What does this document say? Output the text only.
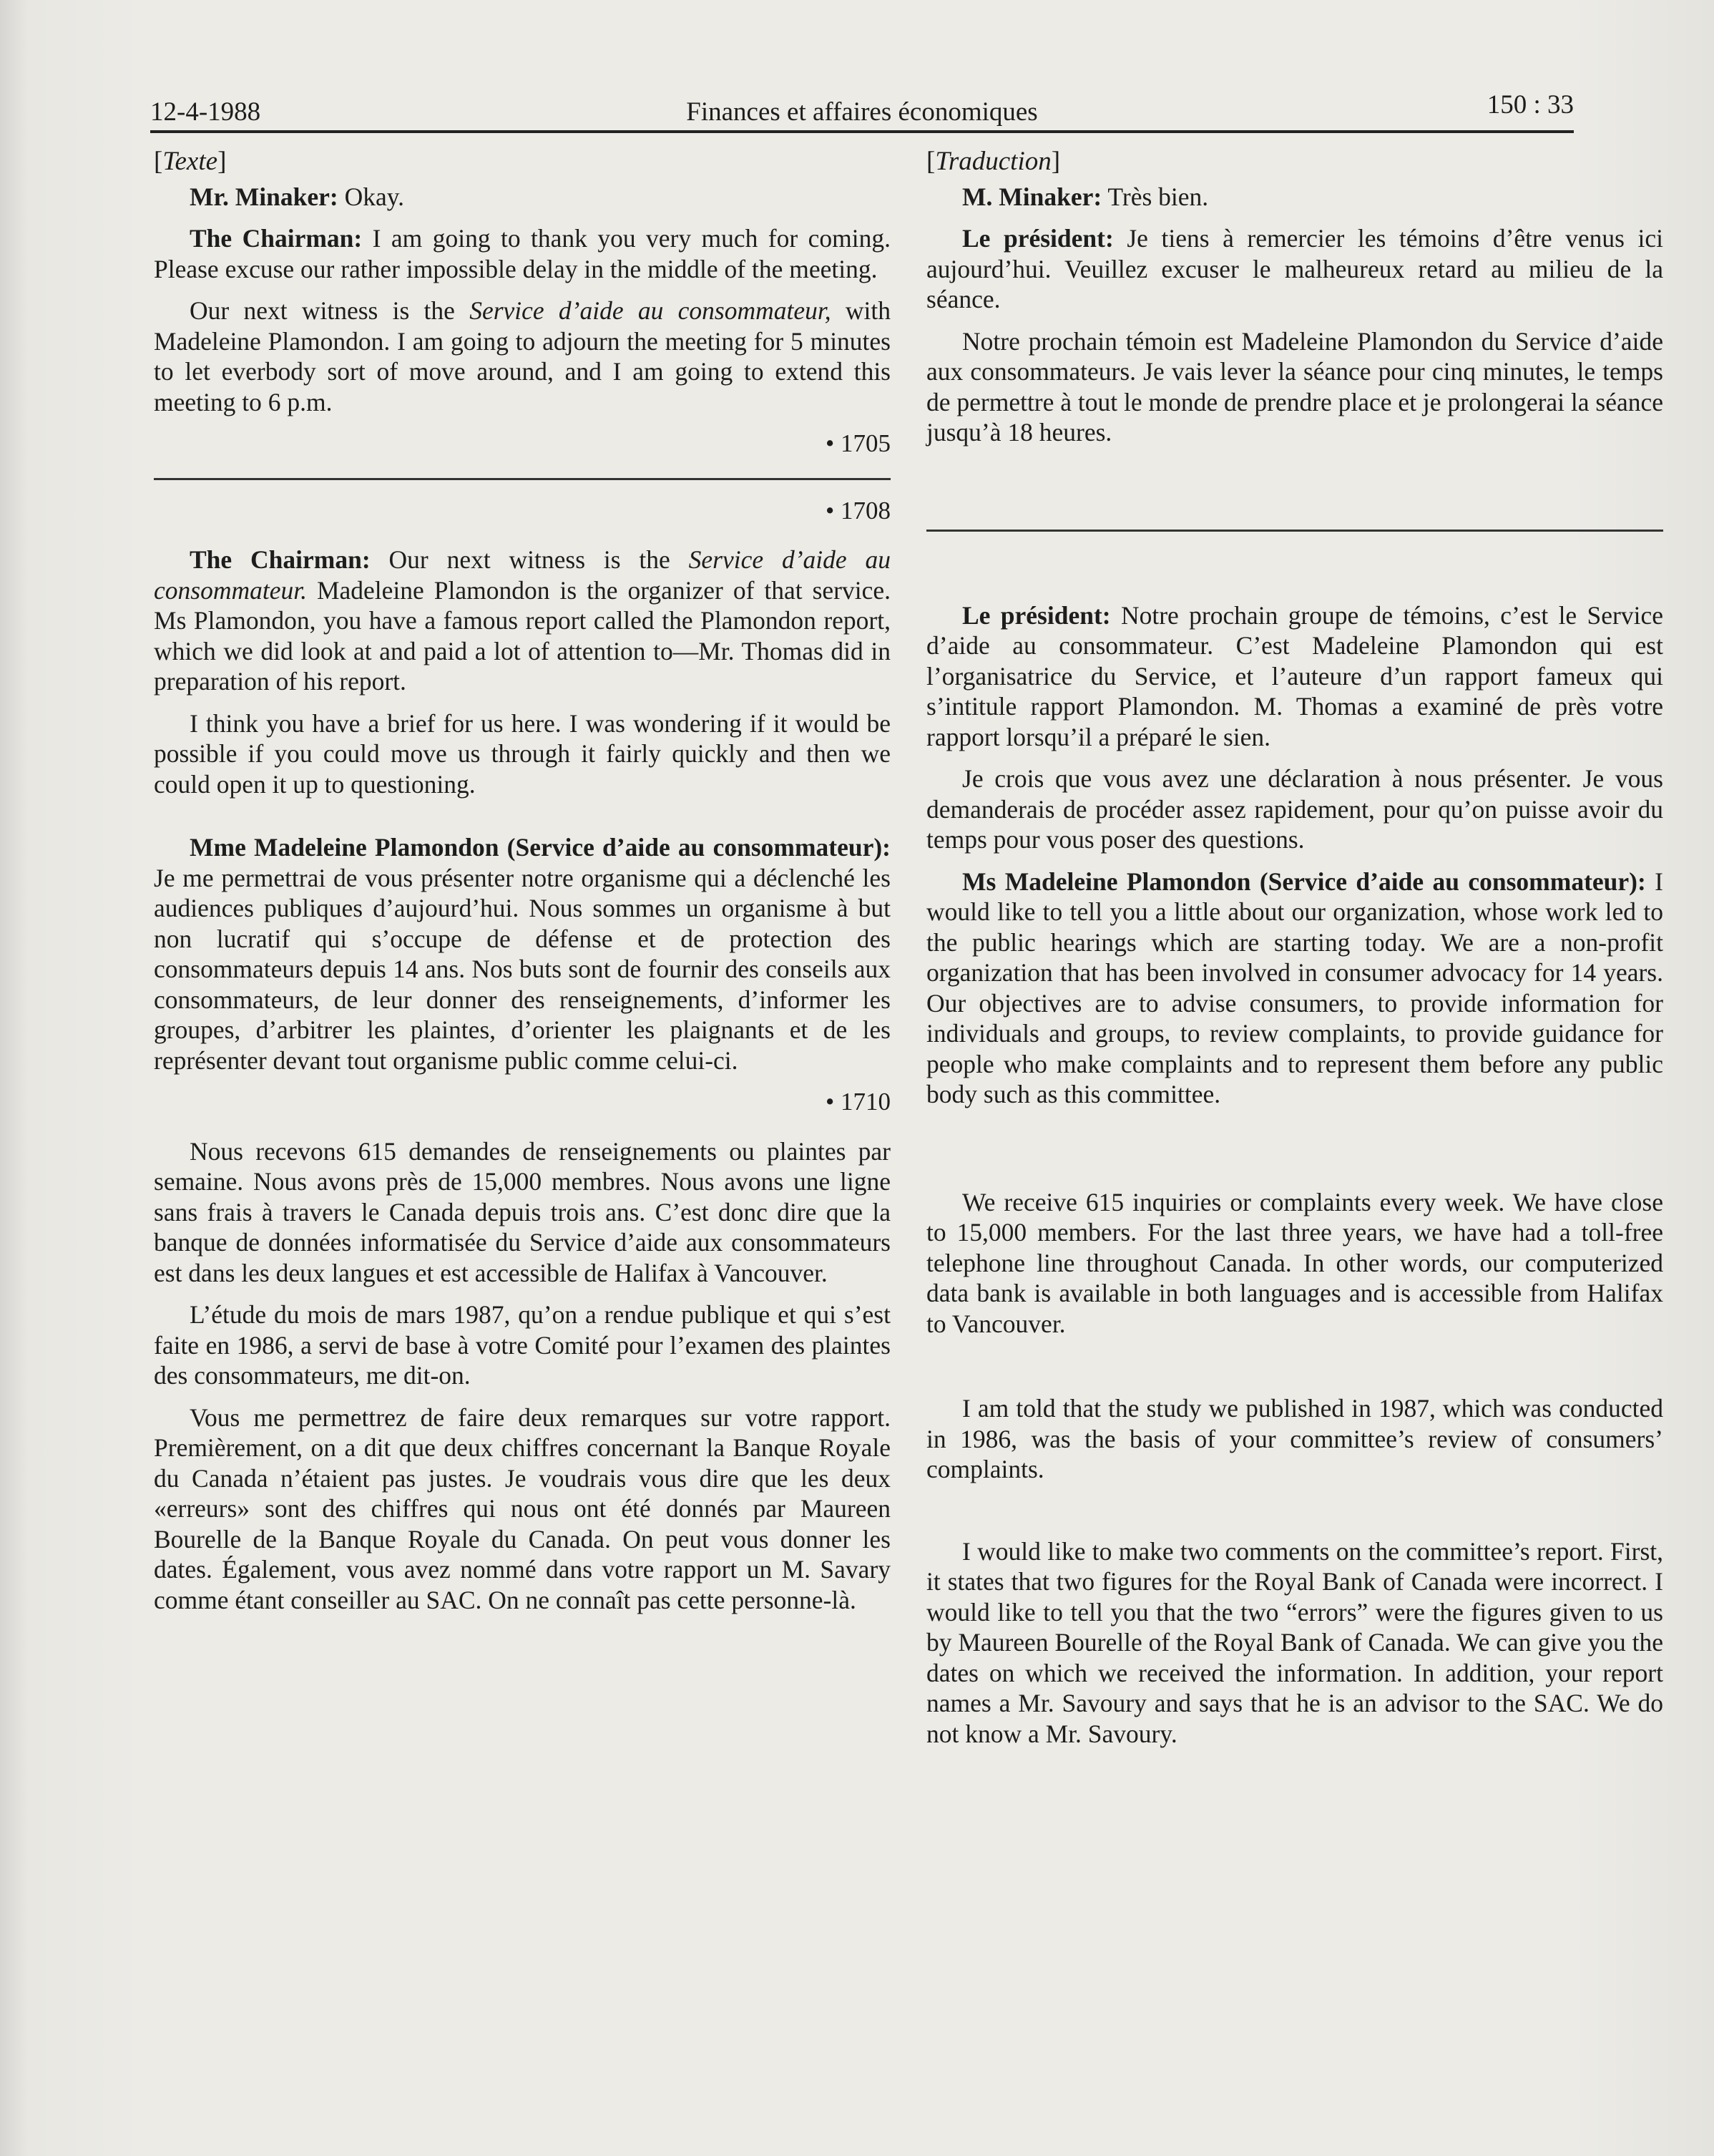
12-4-1988	Finances et affaires économiques	150 : 33
[Texte]

Mr. Minaker: Okay.

The Chairman: I am going to thank you very much for coming. Please excuse our rather impossible delay in the middle of the meeting.

Our next witness is the Service d’aide au consommateur, with Madeleine Plamondon. I am going to adjourn the meeting for 5 minutes to let everbody sort of move around, and I am going to extend this meeting to 6 p.m.

• 1705
• 1708

The Chairman: Our next witness is the Service d’aide au consommateur. Madeleine Plamondon is the organizer of that service. Ms Plamondon, you have a famous report called the Plamondon report, which we did look at and paid a lot of attention to—Mr. Thomas did in preparation of his report.

I think you have a brief for us here. I was wondering if it would be possible if you could move us through it fairly quickly and then we could open it up to questioning.

Mme Madeleine Plamondon (Service d’aide au consommateur): Je me permettrai de vous présenter notre organisme qui a déclenché les audiences publiques d’aujourd’hui. Nous sommes un organisme à but non lucratif qui s’occupe de défense et de protection des consommateurs depuis 14 ans. Nos buts sont de fournir des conseils aux consommateurs, de leur donner des renseignements, d’informer les groupes, d’arbitrer les plaintes, d’orienter les plaignants et de les représenter devant tout organisme public comme celui-ci.

• 1710

Nous recevons 615 demandes de renseignements ou plaintes par semaine. Nous avons près de 15,000 membres. Nous avons une ligne sans frais à travers le Canada depuis trois ans. C’est donc dire que la banque de données informatisée du Service d’aide aux consommateurs est dans les deux langues et est accessible de Halifax à Vancouver.

L’étude du mois de mars 1987, qu’on a rendue publique et qui s’est faite en 1986, a servi de base à votre Comité pour l’examen des plaintes des consommateurs, me dit-on.

Vous me permettrez de faire deux remarques sur votre rapport. Premièrement, on a dit que deux chiffres concernant la Banque Royale du Canada n’étaient pas justes. Je voudrais vous dire que les deux «erreurs» sont des chiffres qui nous ont été donnés par Maureen Bourelle de la Banque Royale du Canada. On peut vous donner les dates. Également, vous avez nommé dans votre rapport un M. Savary comme étant conseiller au SAC. On ne connaît pas cette personne-là.

[Traduction]

M. Minaker: Très bien.

Le président: Je tiens à remercier les témoins d’être venus ici aujourd’hui. Veuillez excuser le malheureux retard au milieu de la séance.

Notre prochain témoin est Madeleine Plamondon du Service d’aide aux consommateurs. Je vais lever la séance pour cinq minutes, le temps de permettre à tout le monde de prendre place et je prolongerai la séance jusqu’à 18 heures.

Le président: Notre prochain groupe de témoins, c’est le Service d’aide au consommateur. C’est Madeleine Plamondon qui est l’organisatrice du Service, et l’auteure d’un rapport fameux qui s’intitule rapport Plamondon. M. Thomas a examiné de près votre rapport lorsqu’il a préparé le sien.

Je crois que vous avez une déclaration à nous présenter. Je vous demanderais de procéder assez rapidement, pour qu’on puisse avoir du temps pour vous poser des questions.

Ms Madeleine Plamondon (Service d’aide au consommateur): I would like to tell you a little about our organization, whose work led to the public hearings which are starting today. We are a non-profit organization that has been involved in consumer advocacy for 14 years. Our objectives are to advise consumers, to provide information for individuals and groups, to review complaints, to provide guidance for people who make complaints and to represent them before any public body such as this committee.

We receive 615 inquiries or complaints every week. We have close to 15,000 members. For the last three years, we have had a toll-free telephone line throughout Canada. In other words, our computerized data bank is available in both languages and is accessible from Halifax to Vancouver.

I am told that the study we published in 1987, which was conducted in 1986, was the basis of your committee’s review of consumers’ complaints.

I would like to make two comments on the committee’s report. First, it states that two figures for the Royal Bank of Canada were incorrect. I would like to tell you that the two “errors” were the figures given to us by Maureen Bourelle of the Royal Bank of Canada. We can give you the dates on which we received the information. In addition, your report names a Mr. Savoury and says that he is an advisor to the SAC. We do not know a Mr. Savoury.
